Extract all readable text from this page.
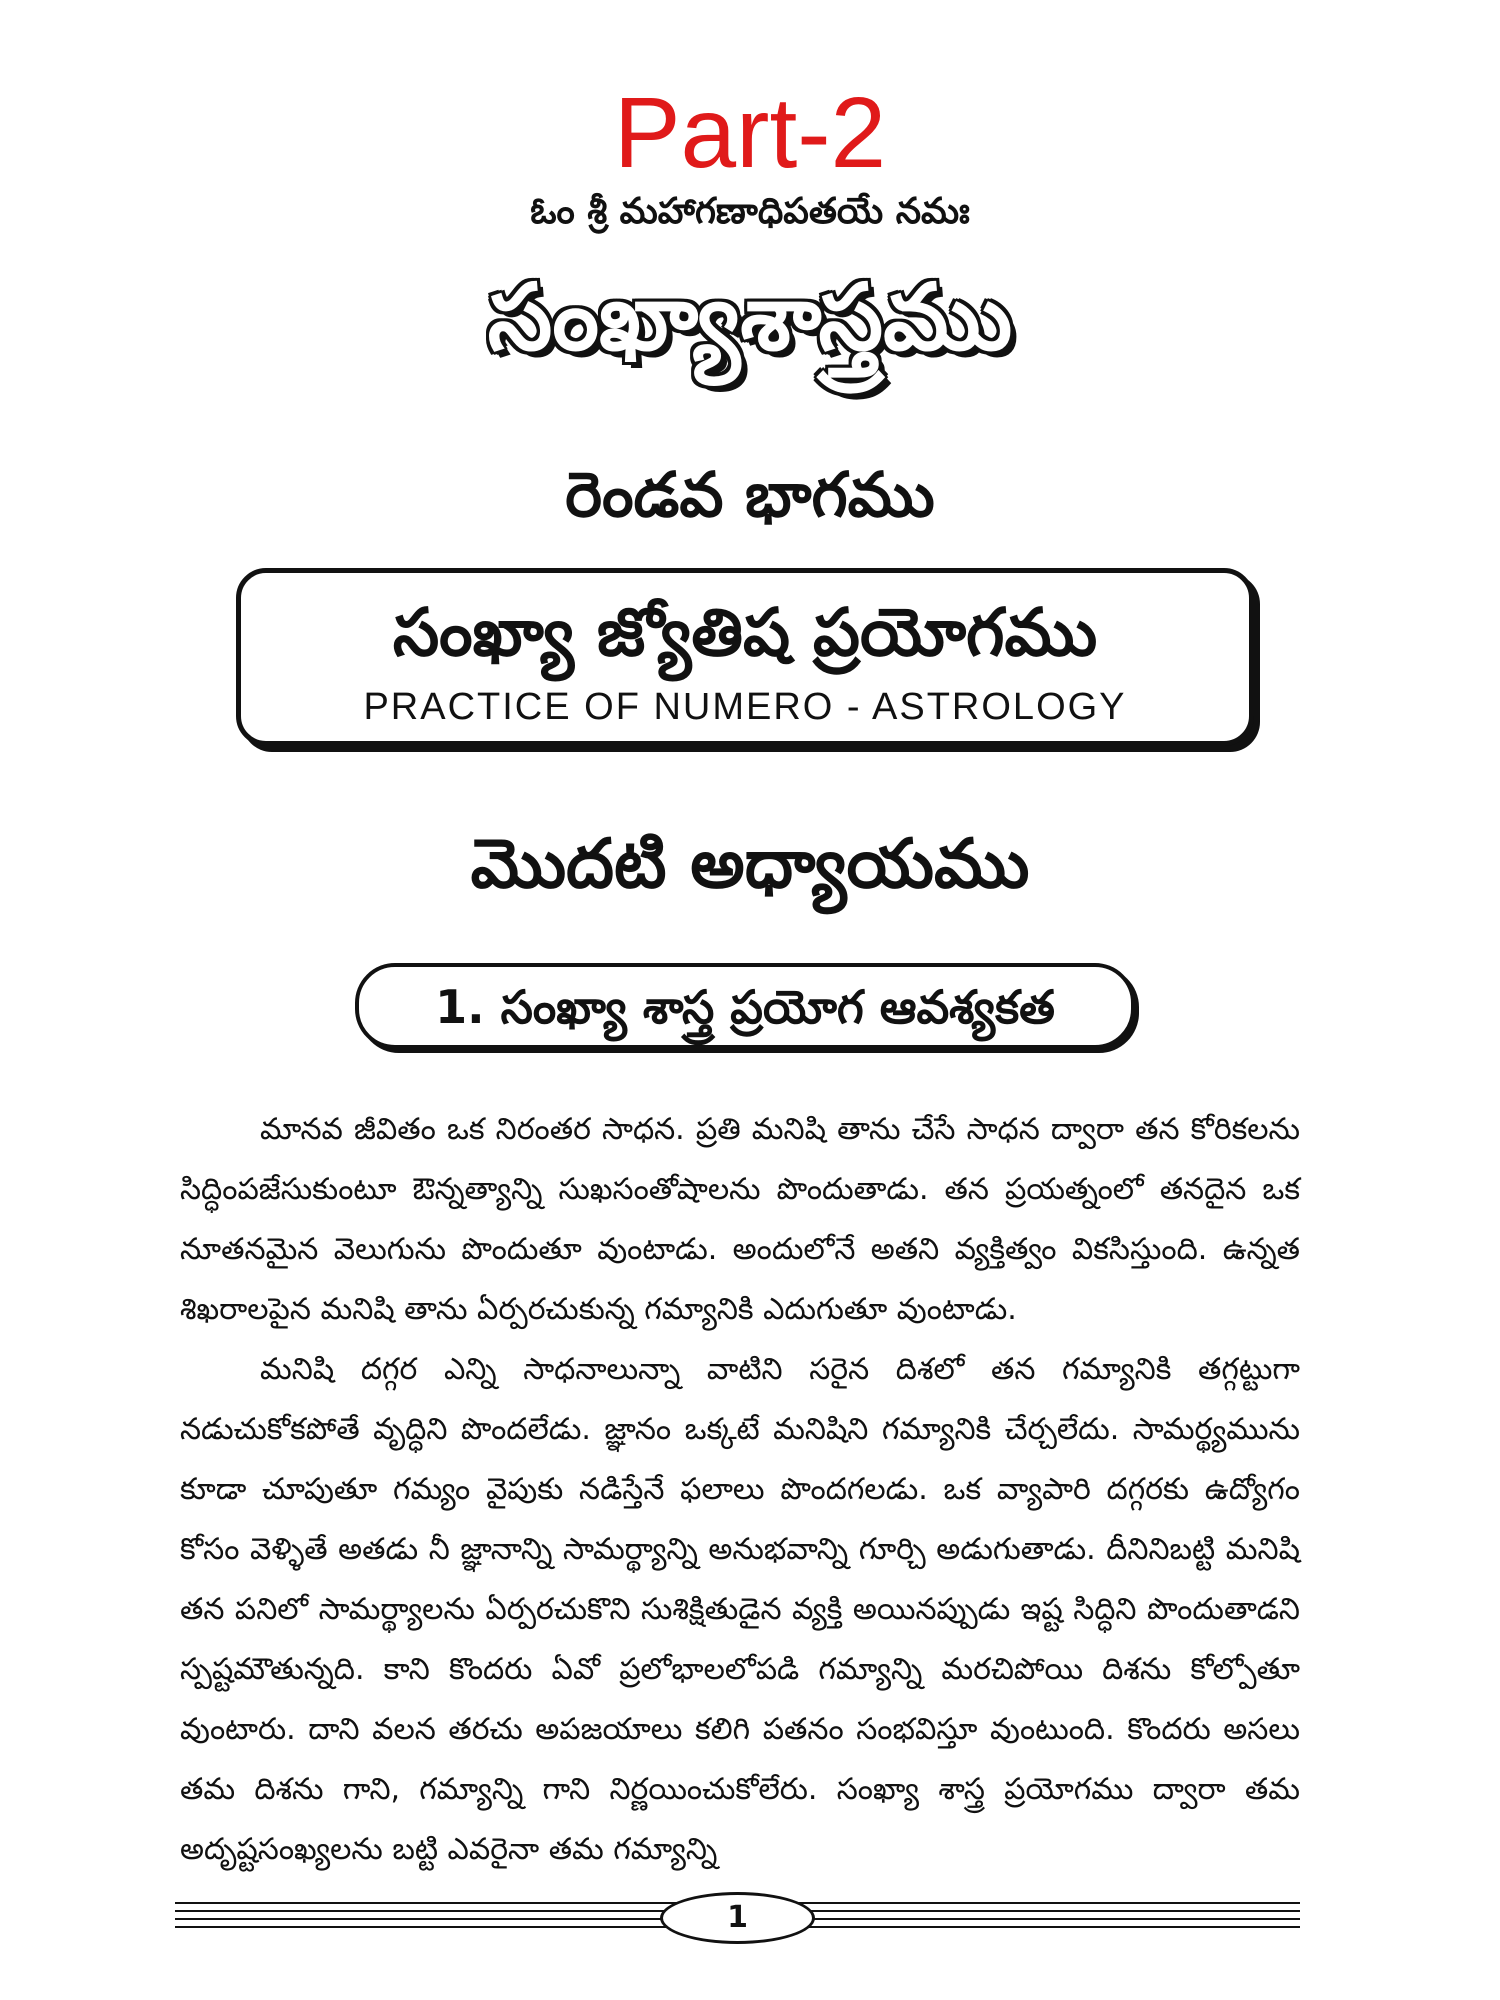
Part-2
ఓం శ్రీ మహాగణాధిపతయే నమః
సంఖ్యాశాస్త్రము
రెండవ భాగము
సంఖ్యా జ్యోతిష ప్రయోగము
PRACTICE OF NUMERO - ASTROLOGY
మొదటి అధ్యాయము
1. సంఖ్యా శాస్త్ర ప్రయోగ ఆవశ్యకత

మానవ జీవితం ఒక నిరంతర సాధన. ప్రతి మనిషి తాను చేసే సాధన ద్వారా తన కోరికలను సిద్ధింపజేసుకుంటూ ఔన్నత్యాన్ని సుఖసంతోషాలను పొందుతాడు. తన ప్రయత్నంలో తనదైన ఒక నూతనమైన వెలుగును పొందుతూ వుంటాడు. అందులోనే అతని వ్యక్తిత్వం వికసిస్తుంది. ఉన్నత శిఖరాలపైన మనిషి తాను ఏర్పరచుకున్న గమ్యానికి ఎదుగుతూ వుంటాడు.

మనిషి దగ్గర ఎన్ని సాధనాలున్నా వాటిని సరైన దిశలో తన గమ్యానికి తగ్గట్టుగా నడుచుకోకపోతే వృద్ధిని పొందలేడు. జ్ఞానం ఒక్కటే మనిషిని గమ్యానికి చేర్చలేదు. సామర్థ్యమును కూడా చూపుతూ గమ్యం వైపుకు నడిస్తేనే ఫలాలు పొందగలడు. ఒక వ్యాపారి దగ్గరకు ఉద్యోగం కోసం వెళ్ళితే అతడు నీ జ్ఞానాన్ని సామర్థ్యాన్ని అనుభవాన్ని గూర్చి అడుగుతాడు. దీనినిబట్టి మనిషి తన పనిలో సామర్థ్యాలను ఏర్పరచుకొని సుశిక్షితుడైన వ్యక్తి అయినప్పుడు ఇష్ట సిద్ధిని పొందుతాడని స్పష్టమౌతున్నది. కాని కొందరు ఏవో ప్రలోభాలలోపడి గమ్యాన్ని మరచిపోయి దిశను కోల్పోతూ వుంటారు. దాని వలన తరచు అపజయాలు కలిగి పతనం సంభవిస్తూ వుంటుంది. కొందరు అసలు తమ దిశను గాని, గమ్యాన్ని గాని నిర్ణయించుకోలేరు. సంఖ్యా శాస్త్ర ప్రయోగము ద్వారా తమ అదృష్టసంఖ్యలను బట్టి ఎవరైనా తమ గమ్యాన్ని

1
